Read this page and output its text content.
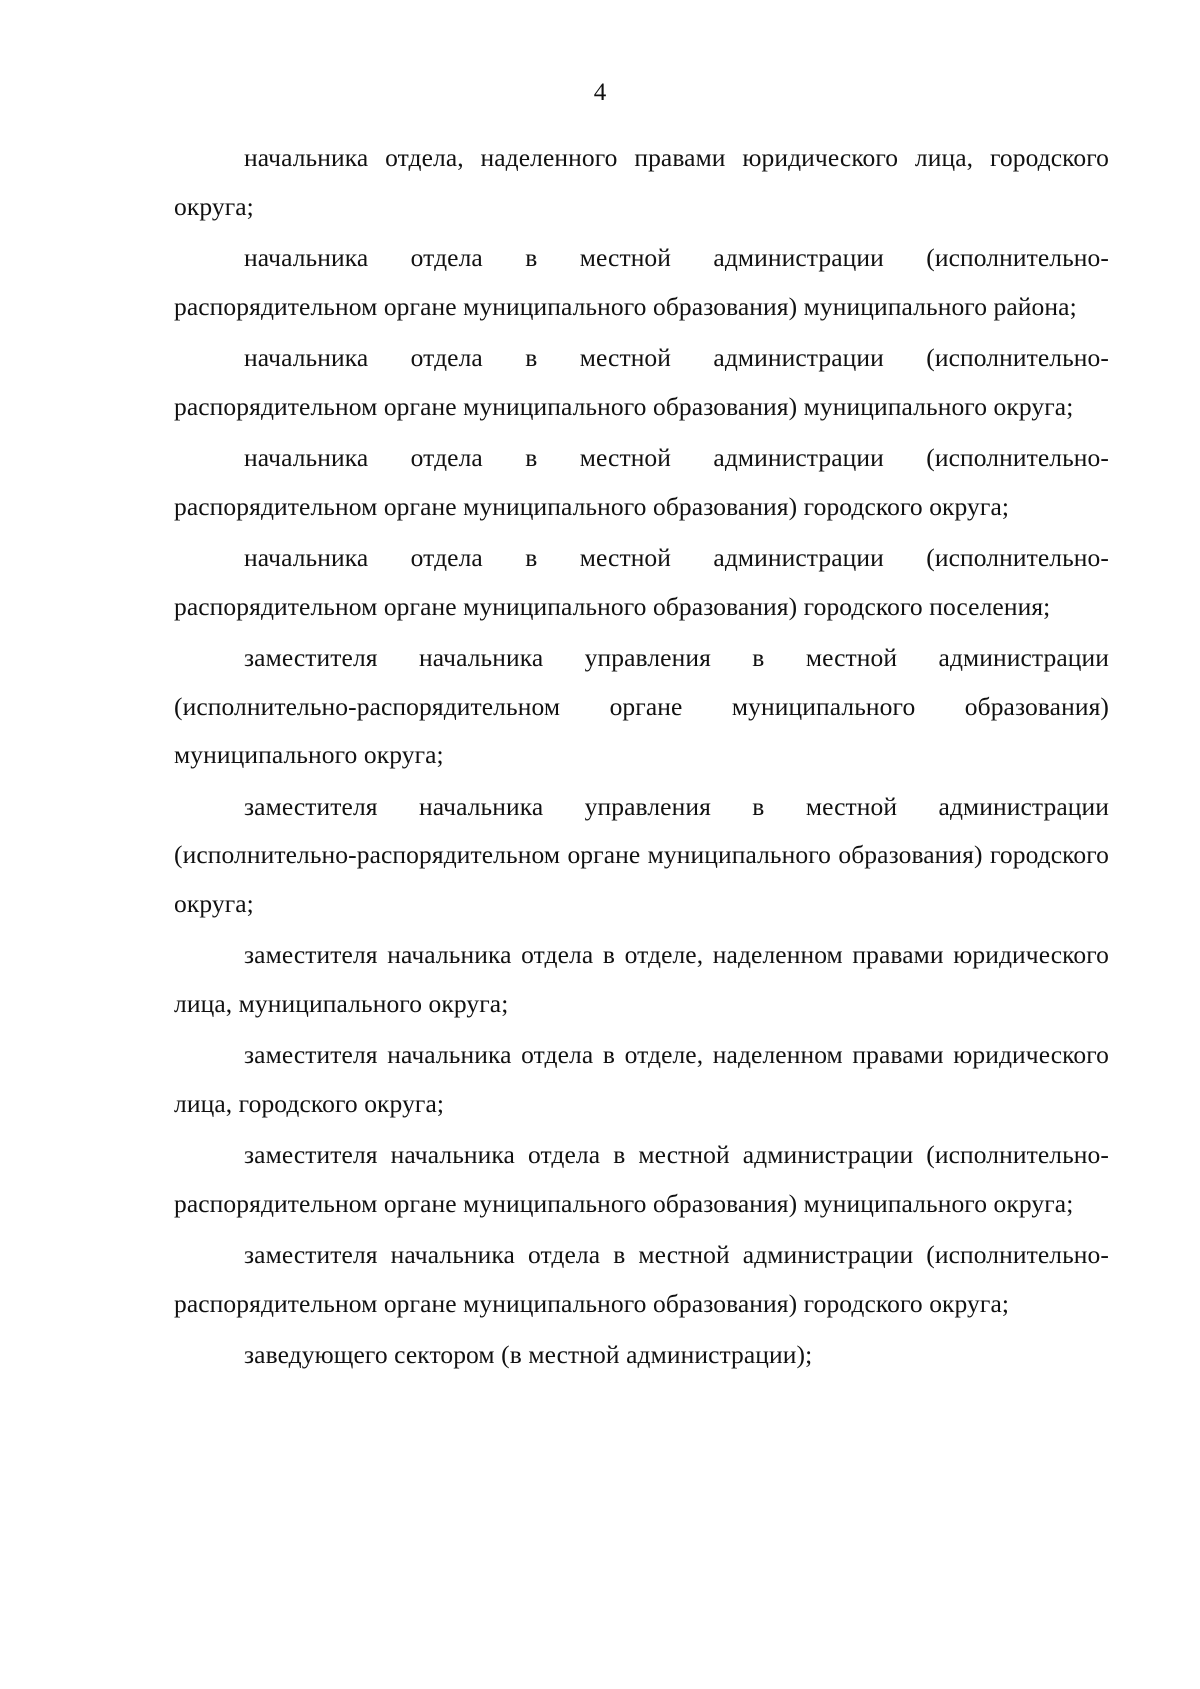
4

начальника отдела, наделенного правами юридического лица, городского округа;

начальника отдела в местной администрации (исполнительно-распорядительном органе муниципального образования) муниципального района;

начальника отдела в местной администрации (исполнительно-распорядительном органе муниципального образования) муниципального округа;

начальника отдела в местной администрации (исполнительно-распорядительном органе муниципального образования) городского округа;

начальника отдела в местной администрации (исполнительно-распорядительном органе муниципального образования) городского поселения;

заместителя начальника управления в местной администрации (исполнительно-распорядительном органе муниципального образования) муниципального округа;

заместителя начальника управления в местной администрации (исполнительно-распорядительном органе муниципального образования) городского округа;

заместителя начальника отдела в отделе, наделенном правами юридического лица, муниципального округа;

заместителя начальника отдела в отделе, наделенном правами юридического лица, городского округа;

заместителя начальника отдела в местной администрации (исполнительно-распорядительном органе муниципального образования) муниципального округа;

заместителя начальника отдела в местной администрации (исполнительно-распорядительном органе муниципального образования) городского округа;

заведующего сектором (в местной администрации);
